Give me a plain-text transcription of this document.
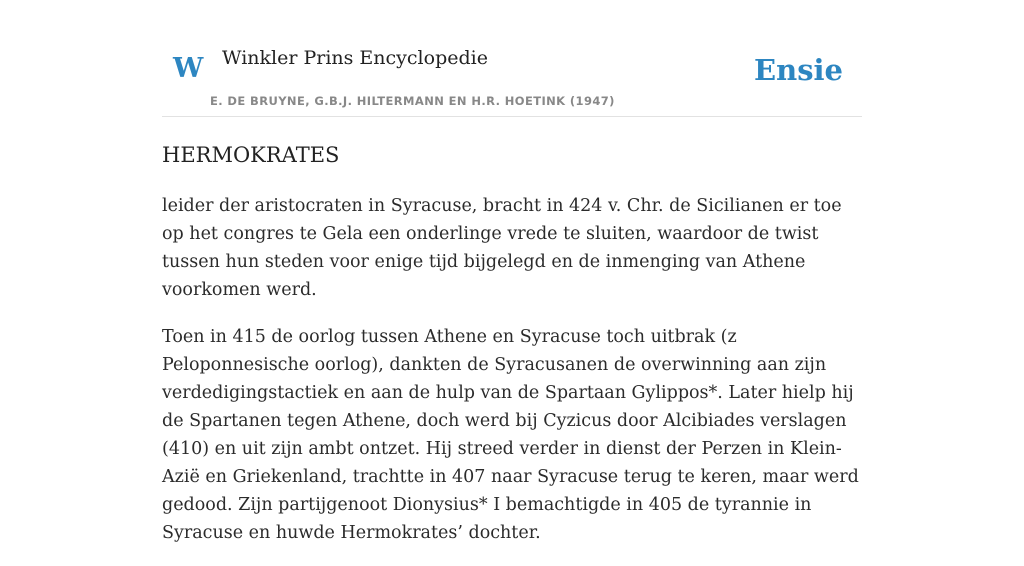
W Winkler Prins Encyclopedie
E. DE BRUYNE, G.B.J. HILTERMANN EN H.R. HOETINK (1947)
Ensie
HERMOKRATES

leider der aristocraten in Syracuse, bracht in 424 v. Chr. de Sicilianen er toe op het congres te Gela een onderlinge vrede te sluiten, waardoor de twist tussen hun steden voor enige tijd bijgelegd en de inmenging van Athene voorkomen werd.

Toen in 415 de oorlog tussen Athene en Syracuse toch uitbrak (z Peloponnesische oorlog), dankten de Syracusanen de overwinning aan zijn verdedigingstactiek en aan de hulp van de Spartaan Gylippos*. Later hielp hij de Spartanen tegen Athene, doch werd bij Cyzicus door Alcibiades verslagen (410) en uit zijn ambt ontzet. Hij streed verder in dienst der Perzen in Klein-Azië en Griekenland, trachtte in 407 naar Syracuse terug te keren, maar werd gedood. Zijn partijgenoot Dionysius* I bemachtigde in 405 de tyrannie in Syracuse en huwde Hermokrates’ dochter.
